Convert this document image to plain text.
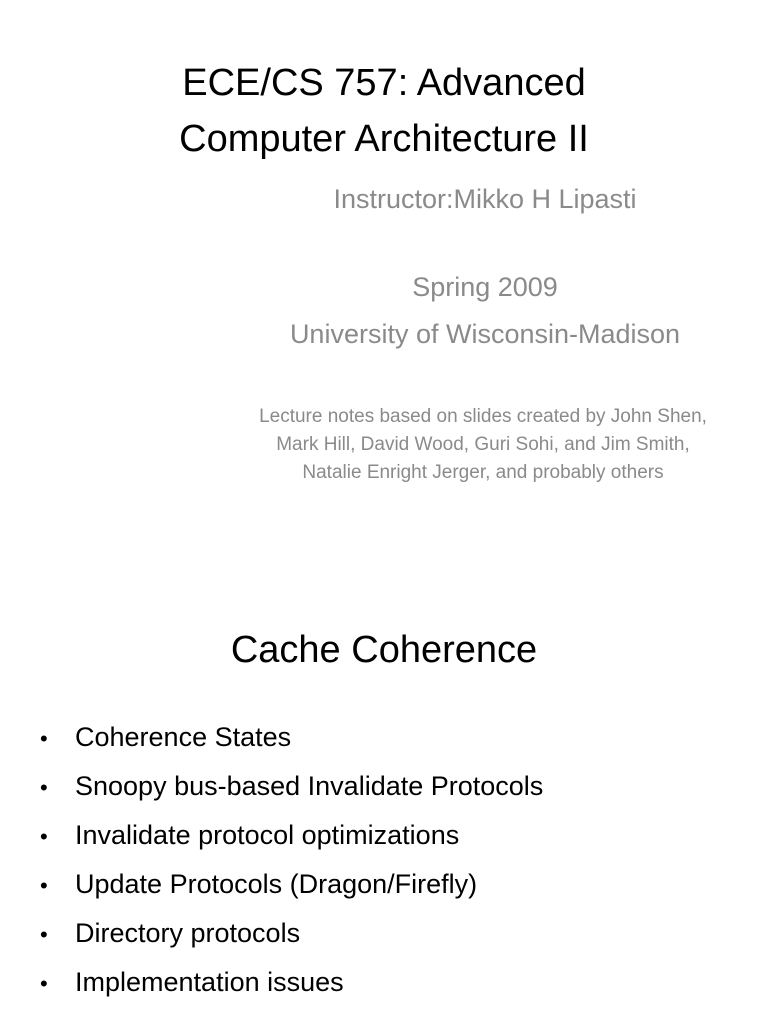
ECE/CS 757: Advanced
Computer Architecture II
Instructor:Mikko H Lipasti
Spring 2009
University of Wisconsin-Madison
Lecture notes based on slides created by John Shen,
Mark Hill, David Wood, Guri Sohi, and Jim Smith,
Natalie Enright Jerger, and probably others
Cache Coherence
• Coherence States
• Snoopy bus-based Invalidate Protocols
• Invalidate protocol optimizations
• Update Protocols (Dragon/Firefly)
• Directory protocols
• Implementation issues
